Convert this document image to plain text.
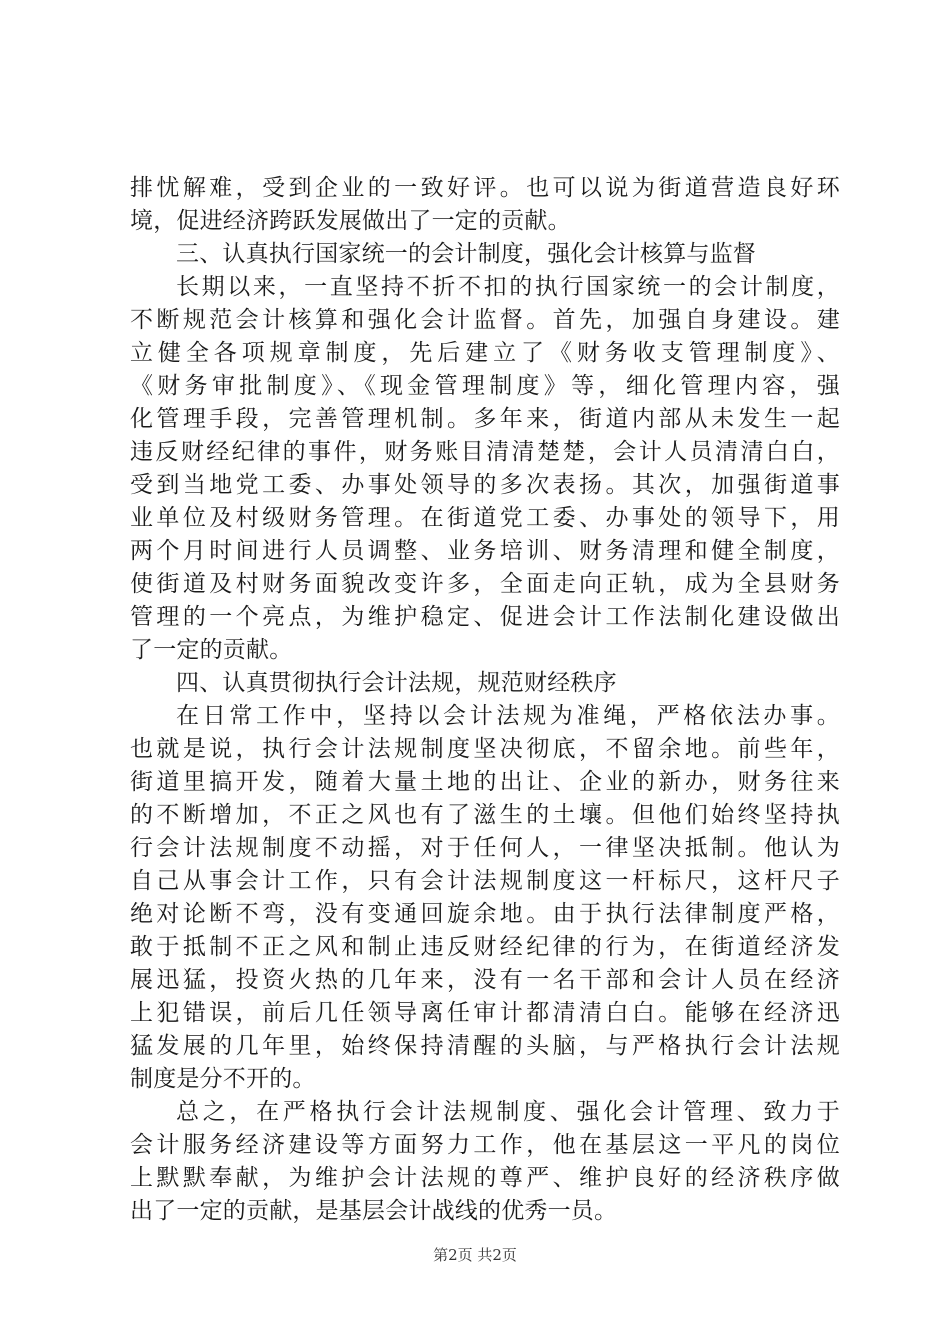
排忧解难，受到企业的一致好评。也可以说为街道营造良好环
境，促进经济跨跃发展做出了一定的贡献。
三、认真执行国家统一的会计制度，强化会计核算与监督
长期以来，一直坚持不折不扣的执行国家统一的会计制度，
不断规范会计核算和强化会计监督。首先，加强自身建设。建
立健全各项规章制度，先后建立了《财务收支管理制度》、
《财务审批制度》、《现金管理制度》等，细化管理内容，强
化管理手段，完善管理机制。多年来，街道内部从未发生一起
违反财经纪律的事件，财务账目清清楚楚，会计人员清清白白，
受到当地党工委、办事处领导的多次表扬。其次，加强街道事
业单位及村级财务管理。在街道党工委、办事处的领导下，用
两个月时间进行人员调整、业务培训、财务清理和健全制度，
使街道及村财务面貌改变许多，全面走向正轨，成为全县财务
管理的一个亮点，为维护稳定、促进会计工作法制化建设做出
了一定的贡献。
四、认真贯彻执行会计法规，规范财经秩序
在日常工作中，坚持以会计法规为准绳，严格依法办事。
也就是说，执行会计法规制度坚决彻底，不留余地。前些年，
街道里搞开发，随着大量土地的出让、企业的新办，财务往来
的不断增加，不正之风也有了滋生的土壤。但他们始终坚持执
行会计法规制度不动摇，对于任何人，一律坚决抵制。他认为
自己从事会计工作，只有会计法规制度这一杆标尺，这杆尺子
绝对论断不弯，没有变通回旋余地。由于执行法律制度严格，
敢于抵制不正之风和制止违反财经纪律的行为，在街道经济发
展迅猛，投资火热的几年来，没有一名干部和会计人员在经济
上犯错误，前后几任领导离任审计都清清白白。能够在经济迅
猛发展的几年里，始终保持清醒的头脑，与严格执行会计法规
制度是分不开的。
总之，在严格执行会计法规制度、强化会计管理、致力于
会计服务经济建设等方面努力工作，他在基层这一平凡的岗位
上默默奉献，为维护会计法规的尊严、维护良好的经济秩序做
出了一定的贡献，是基层会计战线的优秀一员。
第2页 共2页
